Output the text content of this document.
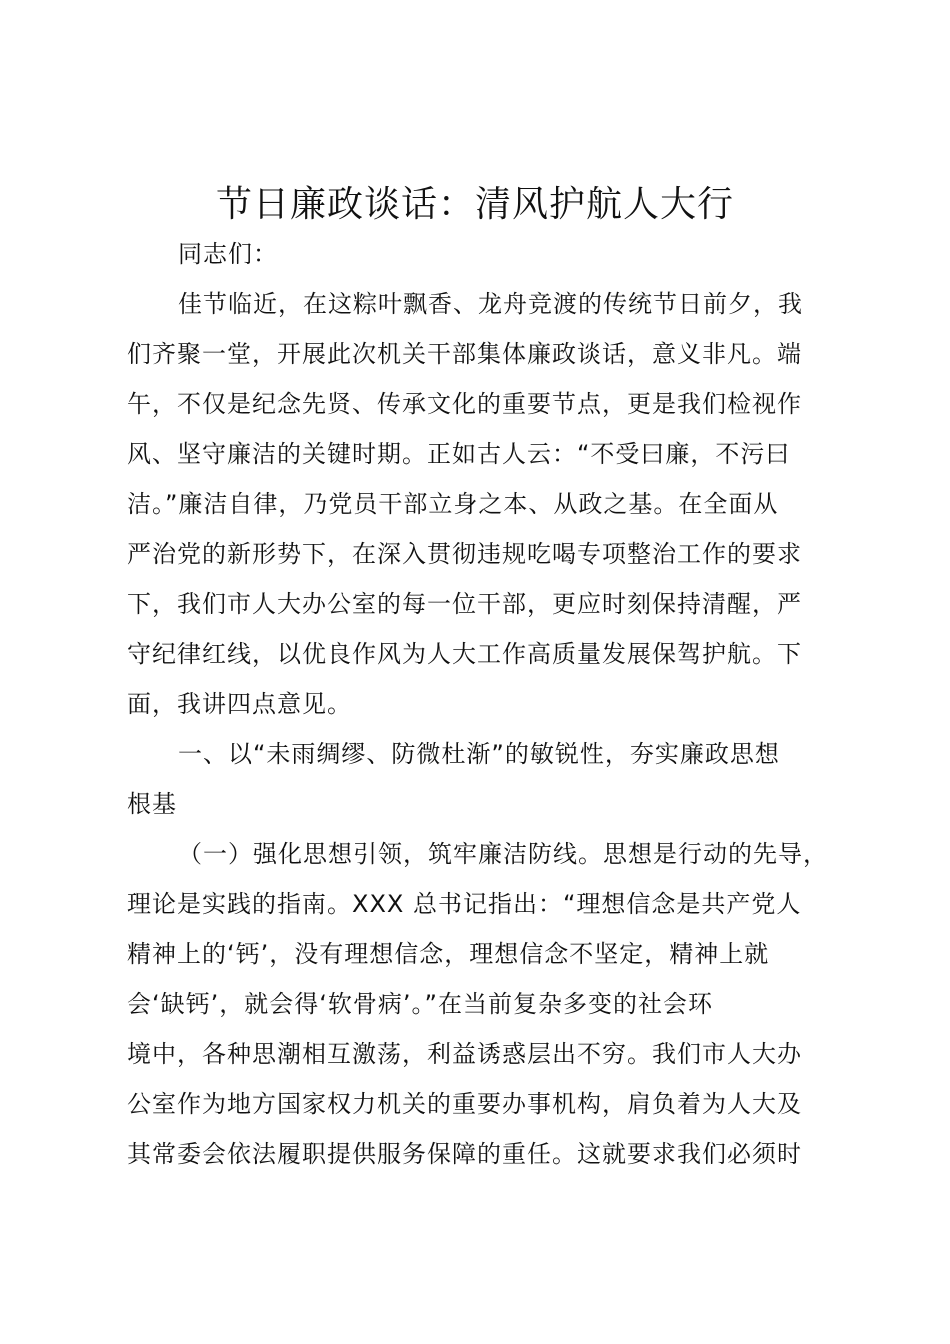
节日廉政谈话：清风护航人大行
同志们：
佳节临近，在这粽叶飘香、龙舟竞渡的传统节日前夕，我
们齐聚一堂，开展此次机关干部集体廉政谈话，意义非凡。端
午，不仅是纪念先贤、传承文化的重要节点，更是我们检视作
风、坚守廉洁的关键时期。正如古人云：“不受曰廉，不污曰
洁。”廉洁自律，乃党员干部立身之本、从政之基。在全面从
严治党的新形势下，在深入贯彻违规吃喝专项整治工作的要求
下，我们市人大办公室的每一位干部，更应时刻保持清醒，严
守纪律红线，以优良作风为人大工作高质量发展保驾护航。下
面，我讲四点意见。
一、以“未雨绸缪、防微杜渐”的敏锐性，夯实廉政思想
根基
（一）强化思想引领，筑牢廉洁防线。思想是行动的先导，
理论是实践的指南。XXX 总书记指出：“理想信念是共产党人
精神上的‘钙’，没有理想信念，理想信念不坚定，精神上就
会‘缺钙’，就会得‘软骨病’。”在当前复杂多变的社会环
境中，各种思潮相互激荡，利益诱惑层出不穷。我们市人大办
公室作为地方国家权力机关的重要办事机构，肩负着为人大及
其常委会依法履职提供服务保障的重任。这就要求我们必须时
